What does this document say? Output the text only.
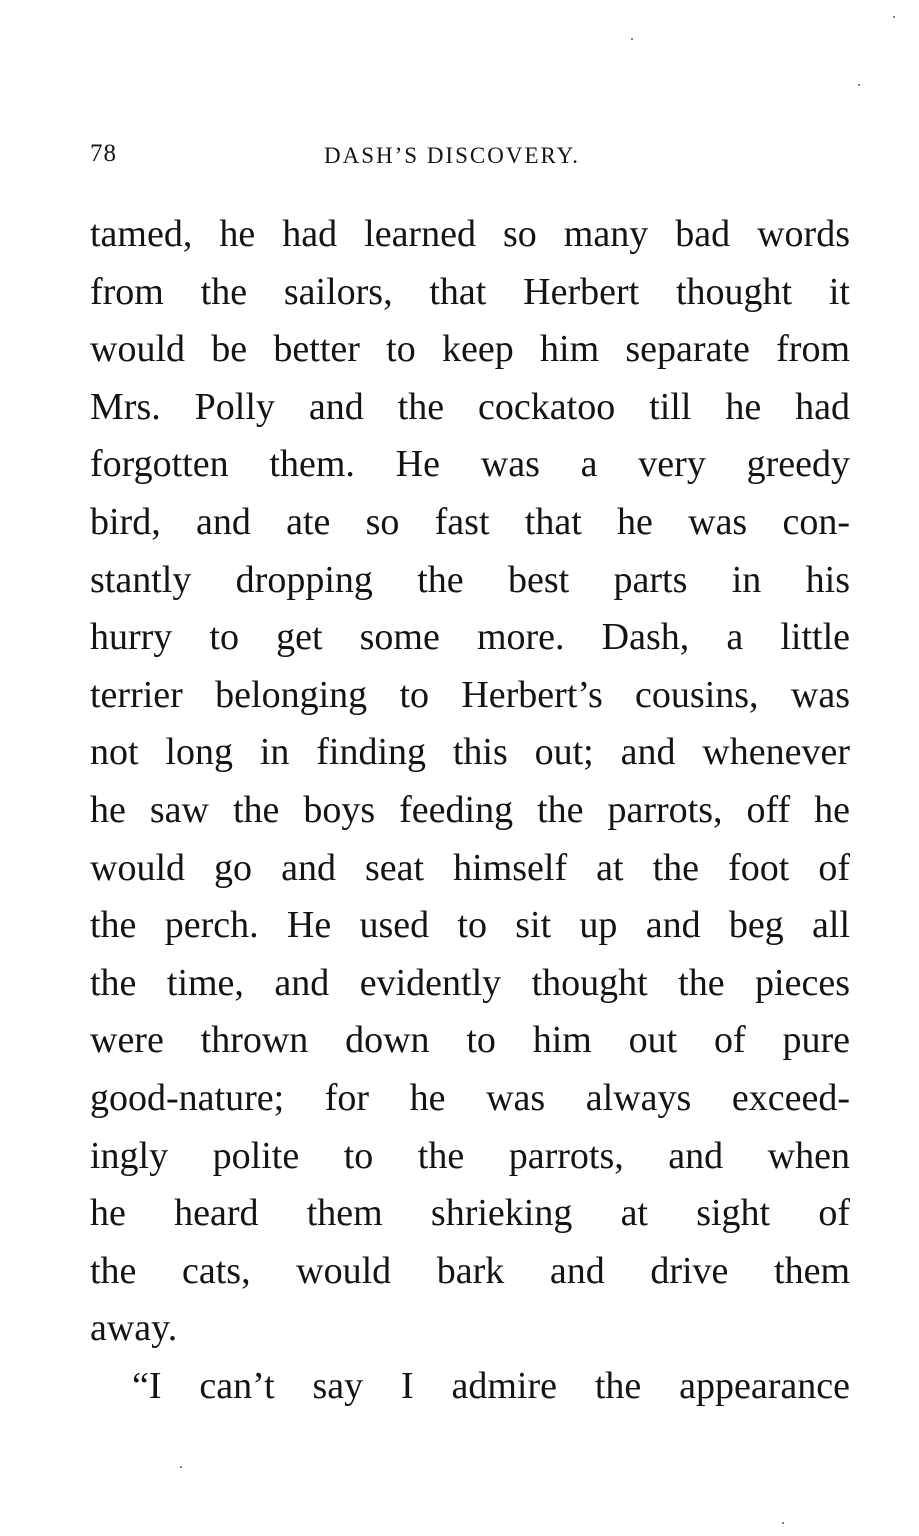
78	DASH’S DISCOVERY.
tamed, he had learned so many bad words
from the sailors, that Herbert thought it
would be better to keep him separate from
Mrs. Polly and the cockatoo till he had
forgotten them. He was a very greedy
bird, and ate so fast that he was con-
stantly dropping the best parts in his
hurry to get some more. Dash, a little
terrier belonging to Herbert’s cousins, was
not long in finding this out; and whenever
he saw the boys feeding the parrots, off he
would go and seat himself at the foot of
the perch. He used to sit up and beg all
the time, and evidently thought the pieces
were thrown down to him out of pure
good-nature; for he was always exceed-
ingly polite to the parrots, and when
he heard them shrieking at sight of
the cats, would bark and drive them
away.
“I can’t say I admire the appearance
